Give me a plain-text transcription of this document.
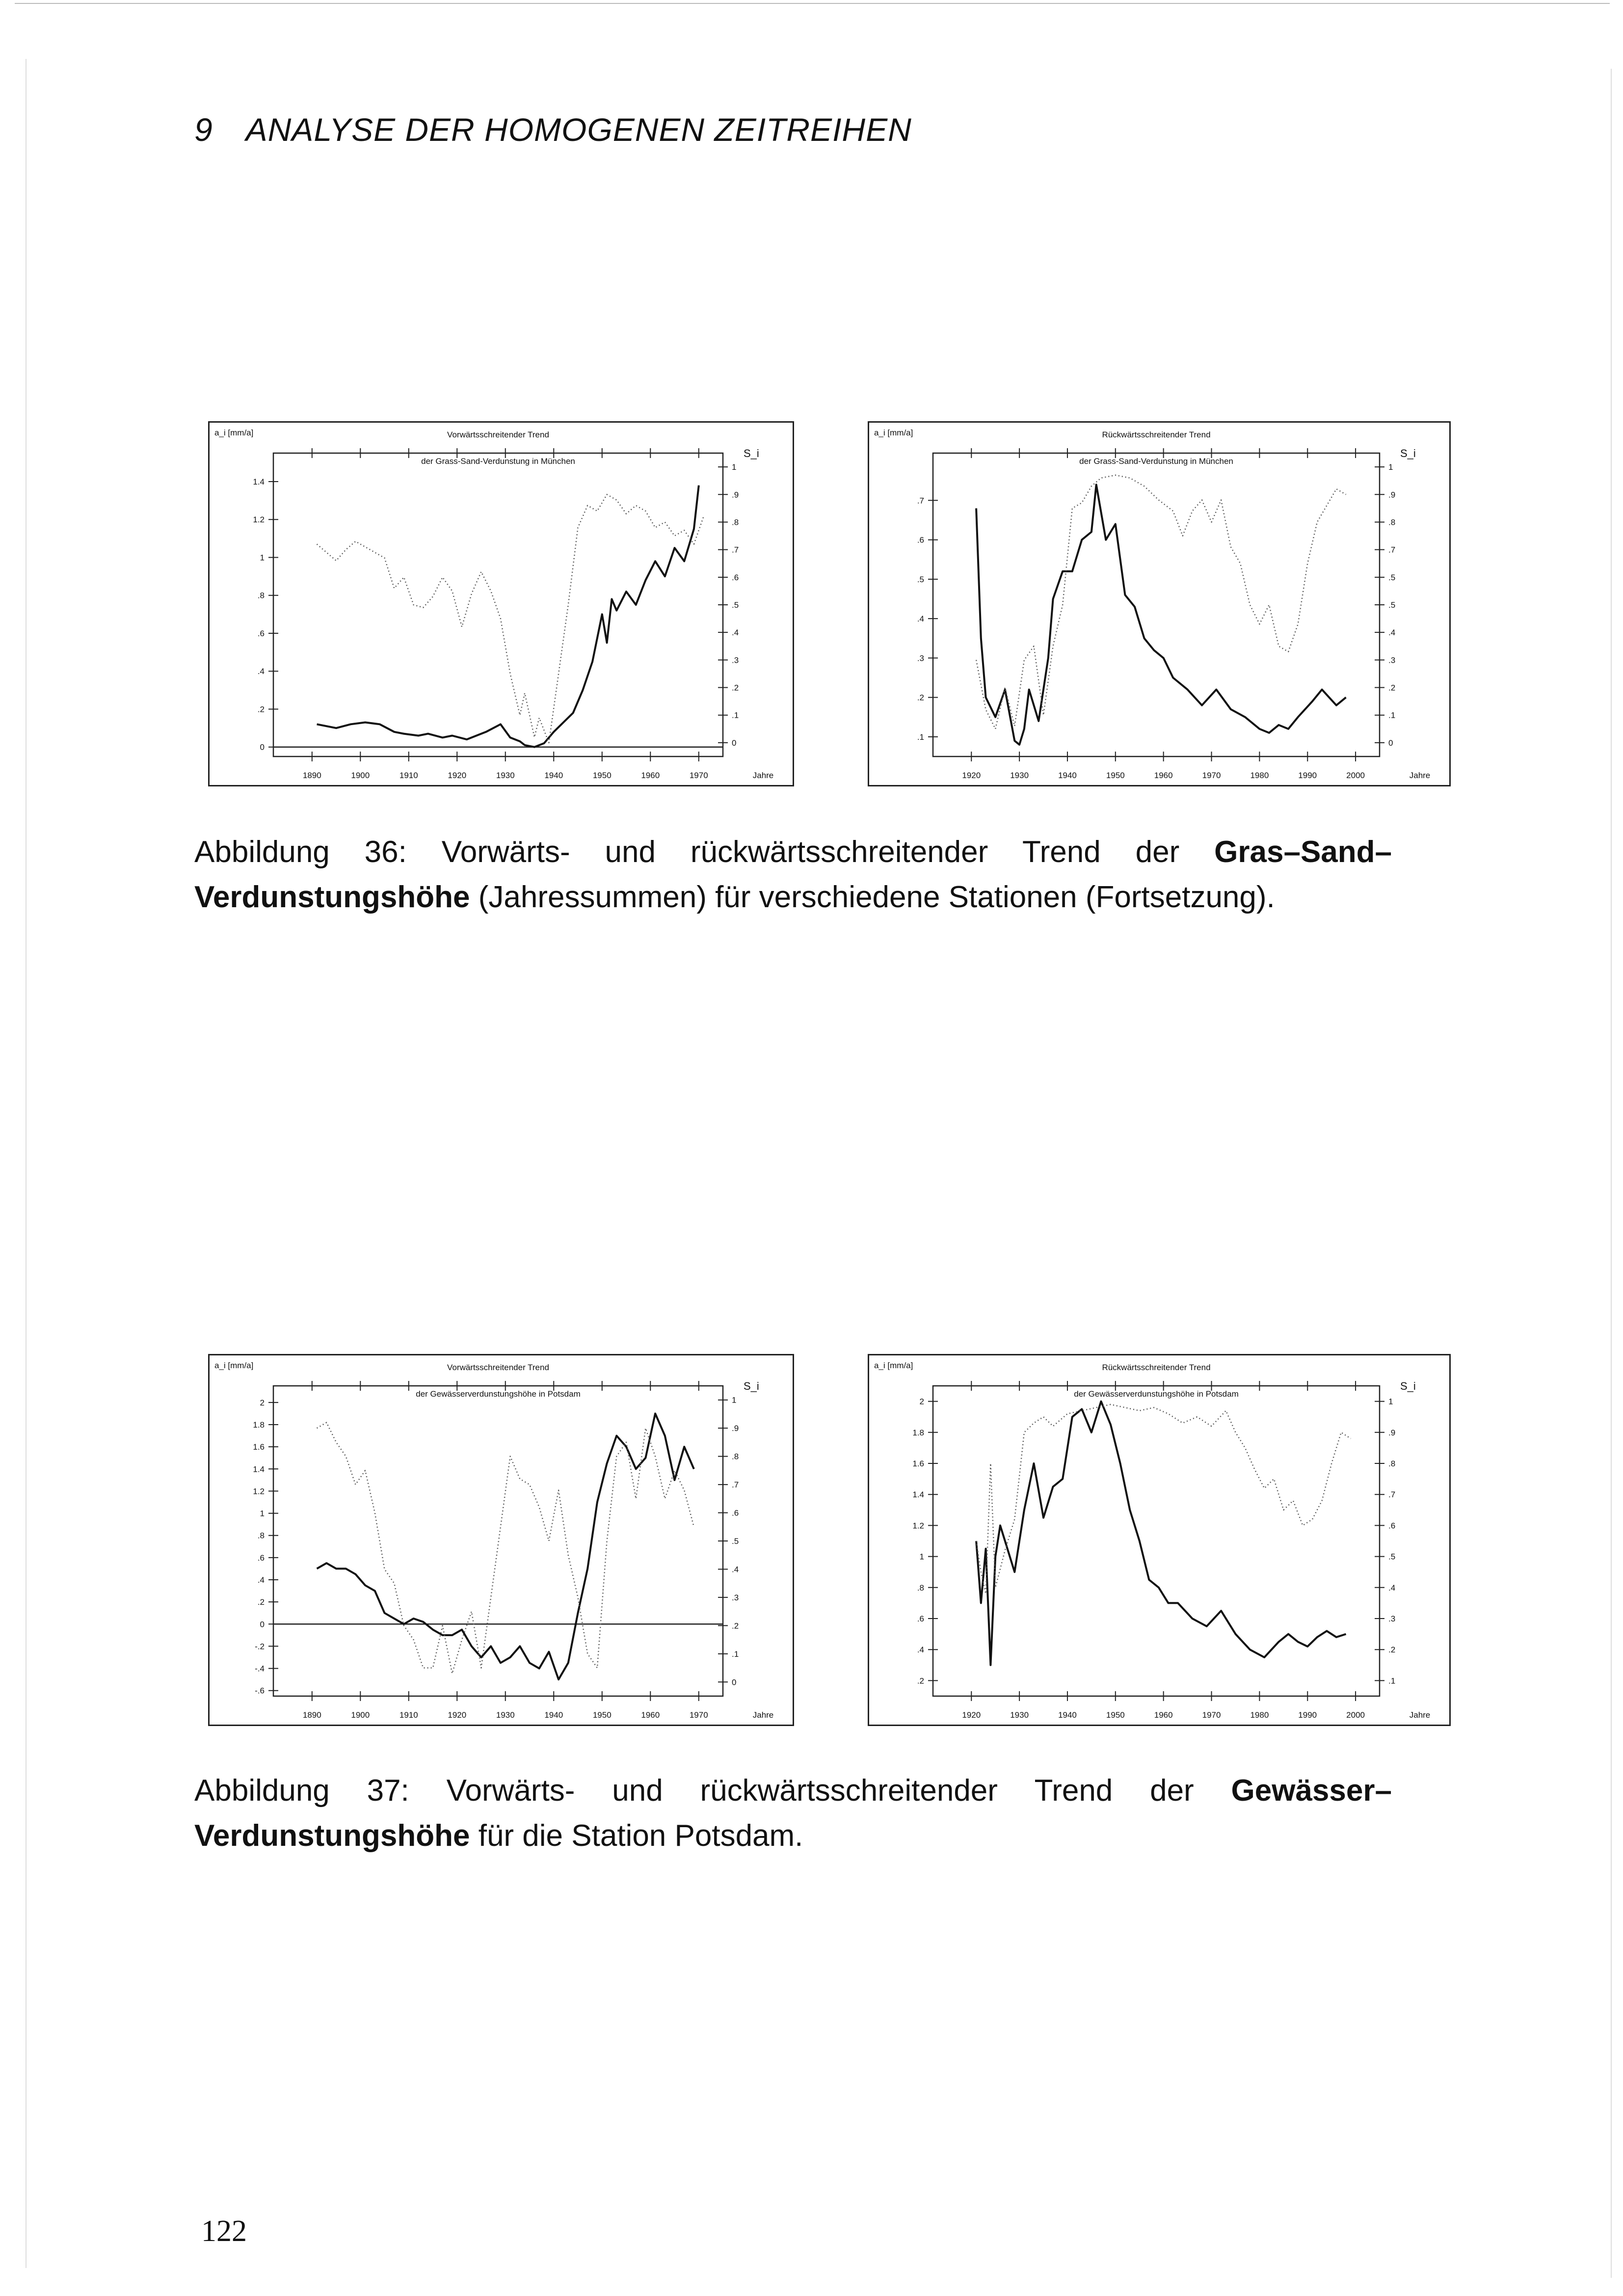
9 ANALYSE DER HOMOGENEN ZEITREIHEN
Vorwärtsschreitender Trend
der Grass-Sand-Verdunstung in München
a_i [mm/a]
S_i
Jahre
0
.2
.4
.6
.8
1
1.2
1.4
0
.1
.2
.3
.4
.5
.6
.7
.8
.9
1
1890	1900	1910	1920	1930	1940	1950	1960	1970
Rückwärtsschreitender Trend
der Grass-Sand-Verdunstung in München
a_i [mm/a]
S_i
Jahre
.1
.2
.3
.4
.5
.6
.7
0
.1
.2
.3
.4
.5
.5
.7
.8
.9
1
1920	1930	1940	1950	1960	1970	1980	1990	2000
Abbildung 36: Vorwärts- und rückwärtsschreitender Trend der Gras–Sand–Verdunstungshöhe (Jahressummen) für verschiedene Stationen (Fortsetzung).
Vorwärtsschreitender Trend
der Gewässerverdunstungshöhe in Potsdam
a_i [mm/a]
S_i
Jahre
-.6
-.4
-.2
0
.2
.4
.6
.8
1
1.2
1.4
1.6
1.8
2
0
.1
.2
.3
.4
.5
.6
.7
.8
.9
1
1890	1900	1910	1920	1930	1940	1950	1960	1970
Rückwärtsschreitender Trend
der Gewässerverdunstungshöhe in Potsdam
a_i [mm/a]
S_i
Jahre
.2
.4
.6
.8
1
1.2
1.4
1.6
1.8
2
.1
.2
.3
.4
.5
.6
.7
.8
.9
1
1920	1930	1940	1950	1960	1970	1980	1990	2000
Abbildung 37: Vorwärts- und rückwärtsschreitender Trend der Gewässer–Verdunstungshöhe für die Station Potsdam.
122
